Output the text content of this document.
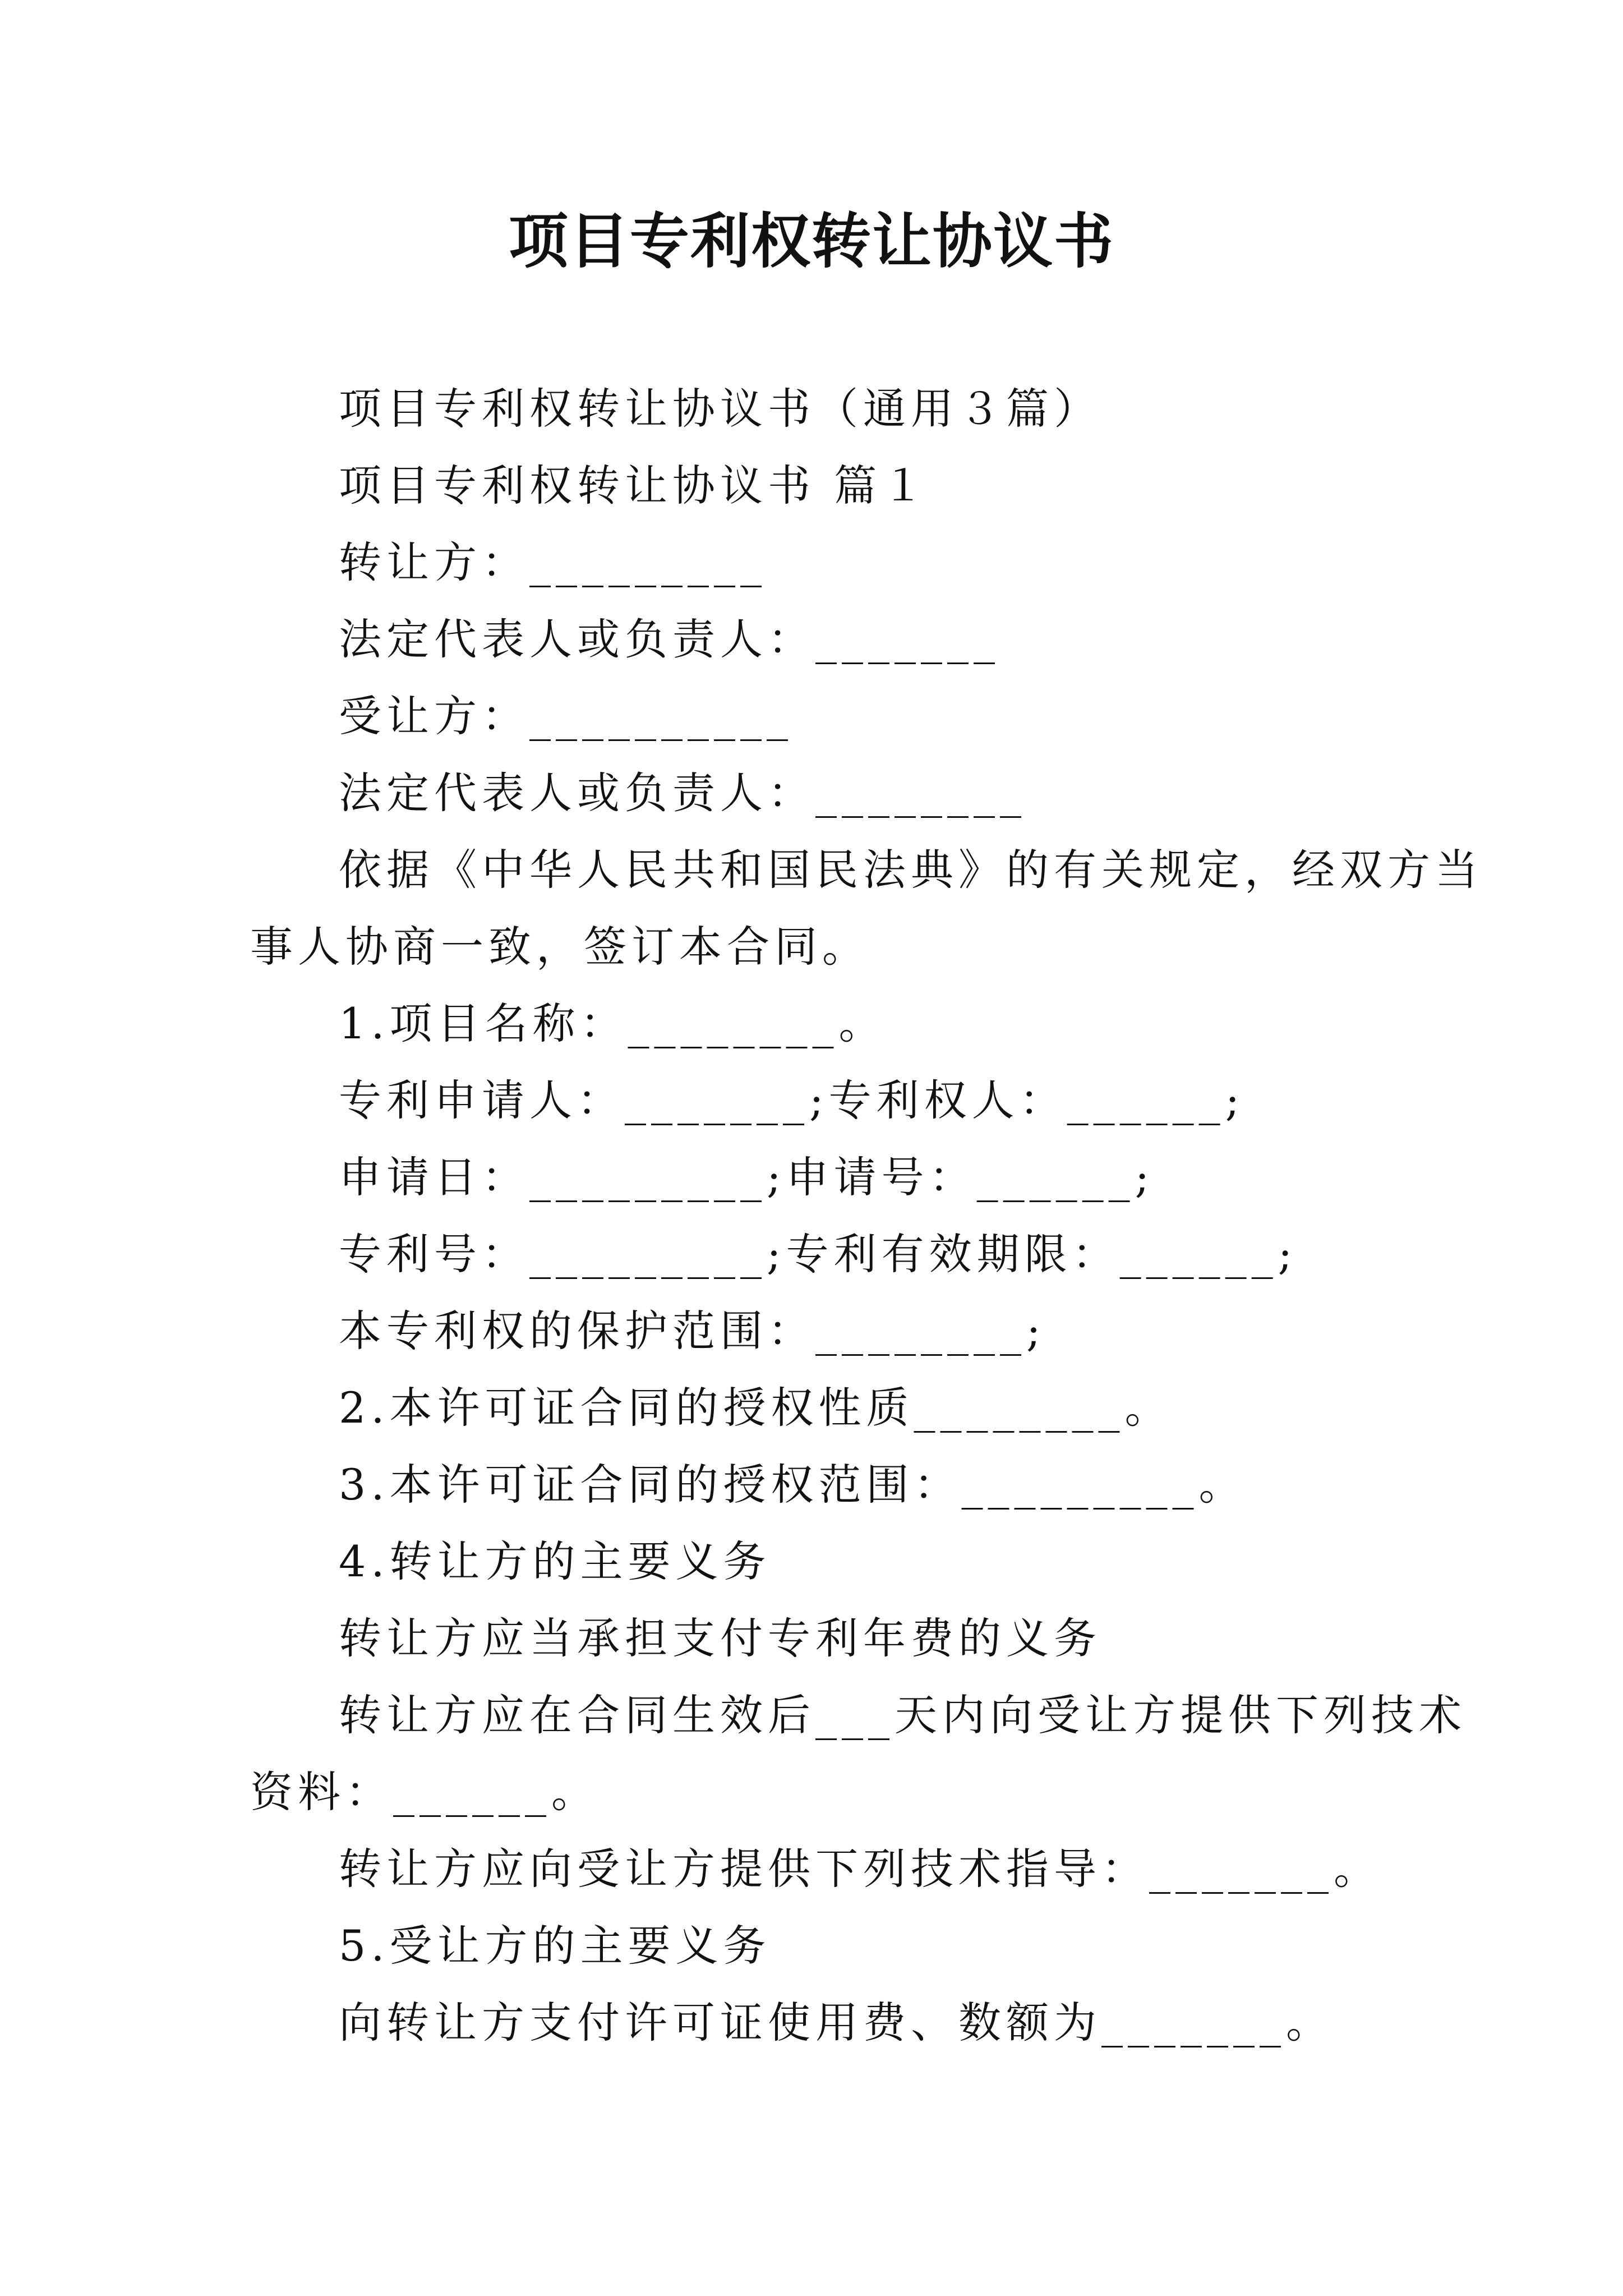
项目专利权转让协议书
项目专利权转让协议书（通用３篇）
项目专利权转让协议书 篇１
转让方：_________
法定代表人或负责人：_______
受让方：__________
法定代表人或负责人：________
依据《中华人民共和国民法典》的有关规定，经双方当
事人协商一致，签订本合同。
1.项目名称：________。
专利申请人：_______;专利权人：______;
申请日：_________;申请号：______;
专利号：_________;专利有效期限：______;
本专利权的保护范围：________;
2.本许可证合同的授权性质________。
3.本许可证合同的授权范围：_________。
4.转让方的主要义务
转让方应当承担支付专利年费的义务
转让方应在合同生效后___天内向受让方提供下列技术
资料：______。
转让方应向受让方提供下列技术指导：_______。
5.受让方的主要义务
向转让方支付许可证使用费、数额为_______。
